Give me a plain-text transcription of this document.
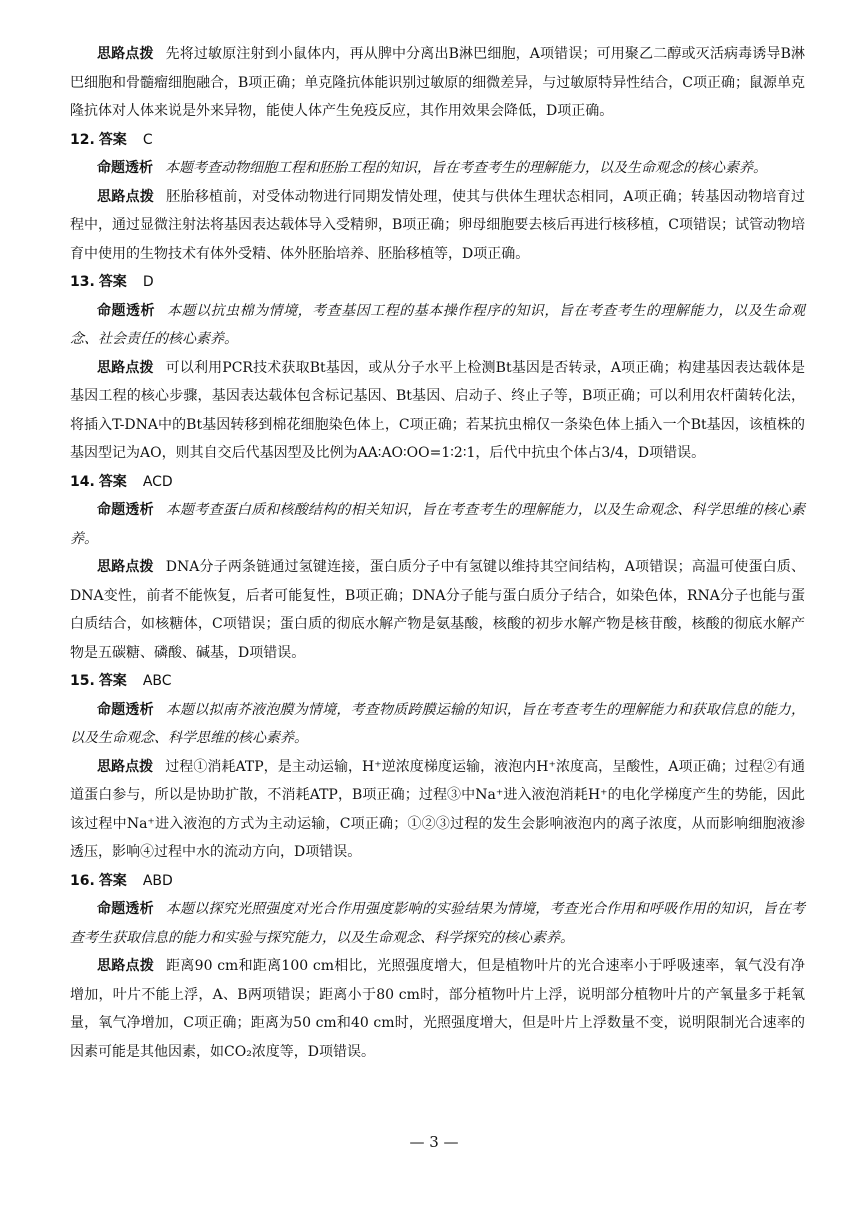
思路点拨 先将过敏原注射到小鼠体内，再从脾中分离出B淋巴细胞，A项错误；可用聚乙二醇或灭活病毒诱导B淋巴细胞和骨髓瘤细胞融合，B项正确；单克隆抗体能识别过敏原的细微差异，与过敏原特异性结合，C项正确；鼠源单克隆抗体对人体来说是外来异物，能使人体产生免疫反应，其作用效果会降低，D项正确。

12. 答案 C

命题透析 本题考查动物细胞工程和胚胎工程的知识，旨在考查考生的理解能力，以及生命观念的核心素养。

思路点拨 胚胎移植前，对受体动物进行同期发情处理，使其与供体生理状态相同，A项正确；转基因动物培育过程中，通过显微注射法将基因表达载体导入受精卵，B项正确；卵母细胞要去核后再进行核移植，C项错误；试管动物培育中使用的生物技术有体外受精、体外胚胎培养、胚胎移植等，D项正确。

13. 答案 D

命题透析 本题以抗虫棉为情境，考查基因工程的基本操作程序的知识，旨在考查考生的理解能力，以及生命观念、社会责任的核心素养。

思路点拨 可以利用PCR技术获取Bt基因，或从分子水平上检测Bt基因是否转录，A项正确；构建基因表达载体是基因工程的核心步骤，基因表达载体包含标记基因、Bt基因、启动子、终止子等，B项正确；可以利用农杆菌转化法，将插入T-DNA中的Bt基因转移到棉花细胞染色体上，C项正确；若某抗虫棉仅一条染色体上插入一个Bt基因，该植株的基因型记为AO，则其自交后代基因型及比例为AA∶AO∶OO=1∶2∶1，后代中抗虫个体占3/4，D项错误。

14. 答案 ACD

命题透析 本题考查蛋白质和核酸结构的相关知识，旨在考查考生的理解能力，以及生命观念、科学思维的核心素养。

思路点拨 DNA分子两条链通过氢键连接，蛋白质分子中有氢键以维持其空间结构，A项错误；高温可使蛋白质、DNA变性，前者不能恢复，后者可能复性，B项正确；DNA分子能与蛋白质分子结合，如染色体，RNA分子也能与蛋白质结合，如核糖体，C项错误；蛋白质的彻底水解产物是氨基酸，核酸的初步水解产物是核苷酸，核酸的彻底水解产物是五碳糖、磷酸、碱基，D项错误。

15. 答案 ABC

命题透析 本题以拟南芥液泡膜为情境，考查物质跨膜运输的知识，旨在考查考生的理解能力和获取信息的能力，以及生命观念、科学思维的核心素养。

思路点拨 过程①消耗ATP，是主动运输，H⁺逆浓度梯度运输，液泡内H⁺浓度高，呈酸性，A项正确；过程②有通道蛋白参与，所以是协助扩散，不消耗ATP，B项正确；过程③中Na⁺进入液泡消耗H⁺的电化学梯度产生的势能，因此该过程中Na⁺进入液泡的方式为主动运输，C项正确；①②③过程的发生会影响液泡内的离子浓度，从而影响细胞液渗透压，影响④过程中水的流动方向，D项错误。

16. 答案 ABD

命题透析 本题以探究光照强度对光合作用强度影响的实验结果为情境，考查光合作用和呼吸作用的知识，旨在考查考生获取信息的能力和实验与探究能力，以及生命观念、科学探究的核心素养。

思路点拨 距离90 cm和距离100 cm相比，光照强度增大，但是植物叶片的光合速率小于呼吸速率，氧气没有净增加，叶片不能上浮，A、B两项错误；距离小于80 cm时，部分植物叶片上浮，说明部分植物叶片的产氧量多于耗氧量，氧气净增加，C项正确；距离为50 cm和40 cm时，光照强度增大，但是叶片上浮数量不变，说明限制光合速率的因素可能是其他因素，如CO₂浓度等，D项错误。

— 3 —
